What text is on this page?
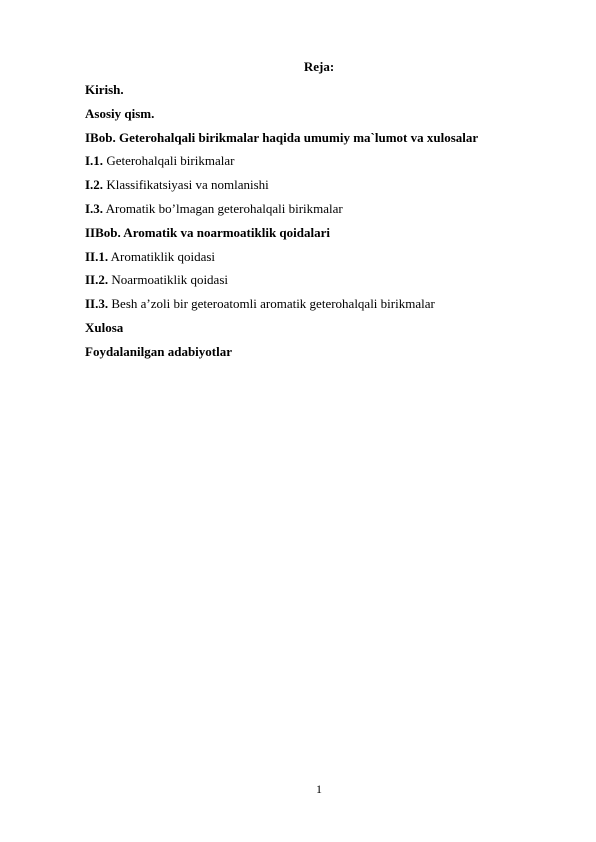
Reja:
Kirish.
Asosiy qism.
IBob. Geterohalqali birikmalar haqida umumiy ma`lumot va xulosalar
I.1. Geterohalqali birikmalar
I.2. Klassifikatsiyasi va nomlanishi
I.3. Aromatik bo’lmagan geterohalqali birikmalar
IIBob. Aromatik va noarmoatiklik qoidalari
II.1. Aromatiklik qoidasi
II.2. Noarmoatiklik qoidasi
II.3. Besh a’zoli bir geteroatomli aromatik geterohalqali birikmalar
Xulosa
Foydalanilgan adabiyotlar
1
